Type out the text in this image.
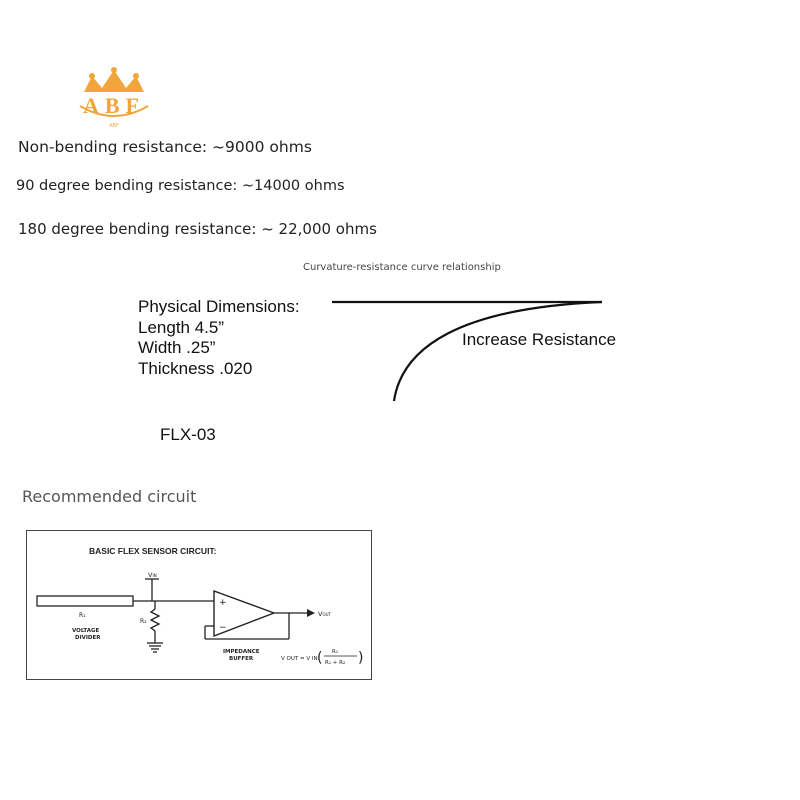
ABF
ABF
Non-bending resistance: ~9000 ohms
90 degree bending resistance: ~14000 ohms
180 degree bending resistance: ~ 22,000 ohms
Curvature-resistance curve relationship
Physical Dimensions:
Length 4.5”
Width .25”
Thickness .020
Increase Resistance
FLX-03
Recommended circuit
BASIC FLEX SENSOR CIRCUIT:
R₁
VIN
R₂
VOLTAGE
DIVIDER
+
−
VOUT
IMPEDANCE
BUFFER	V OUT = V IN ( R₁
R₁ + R₂ )
